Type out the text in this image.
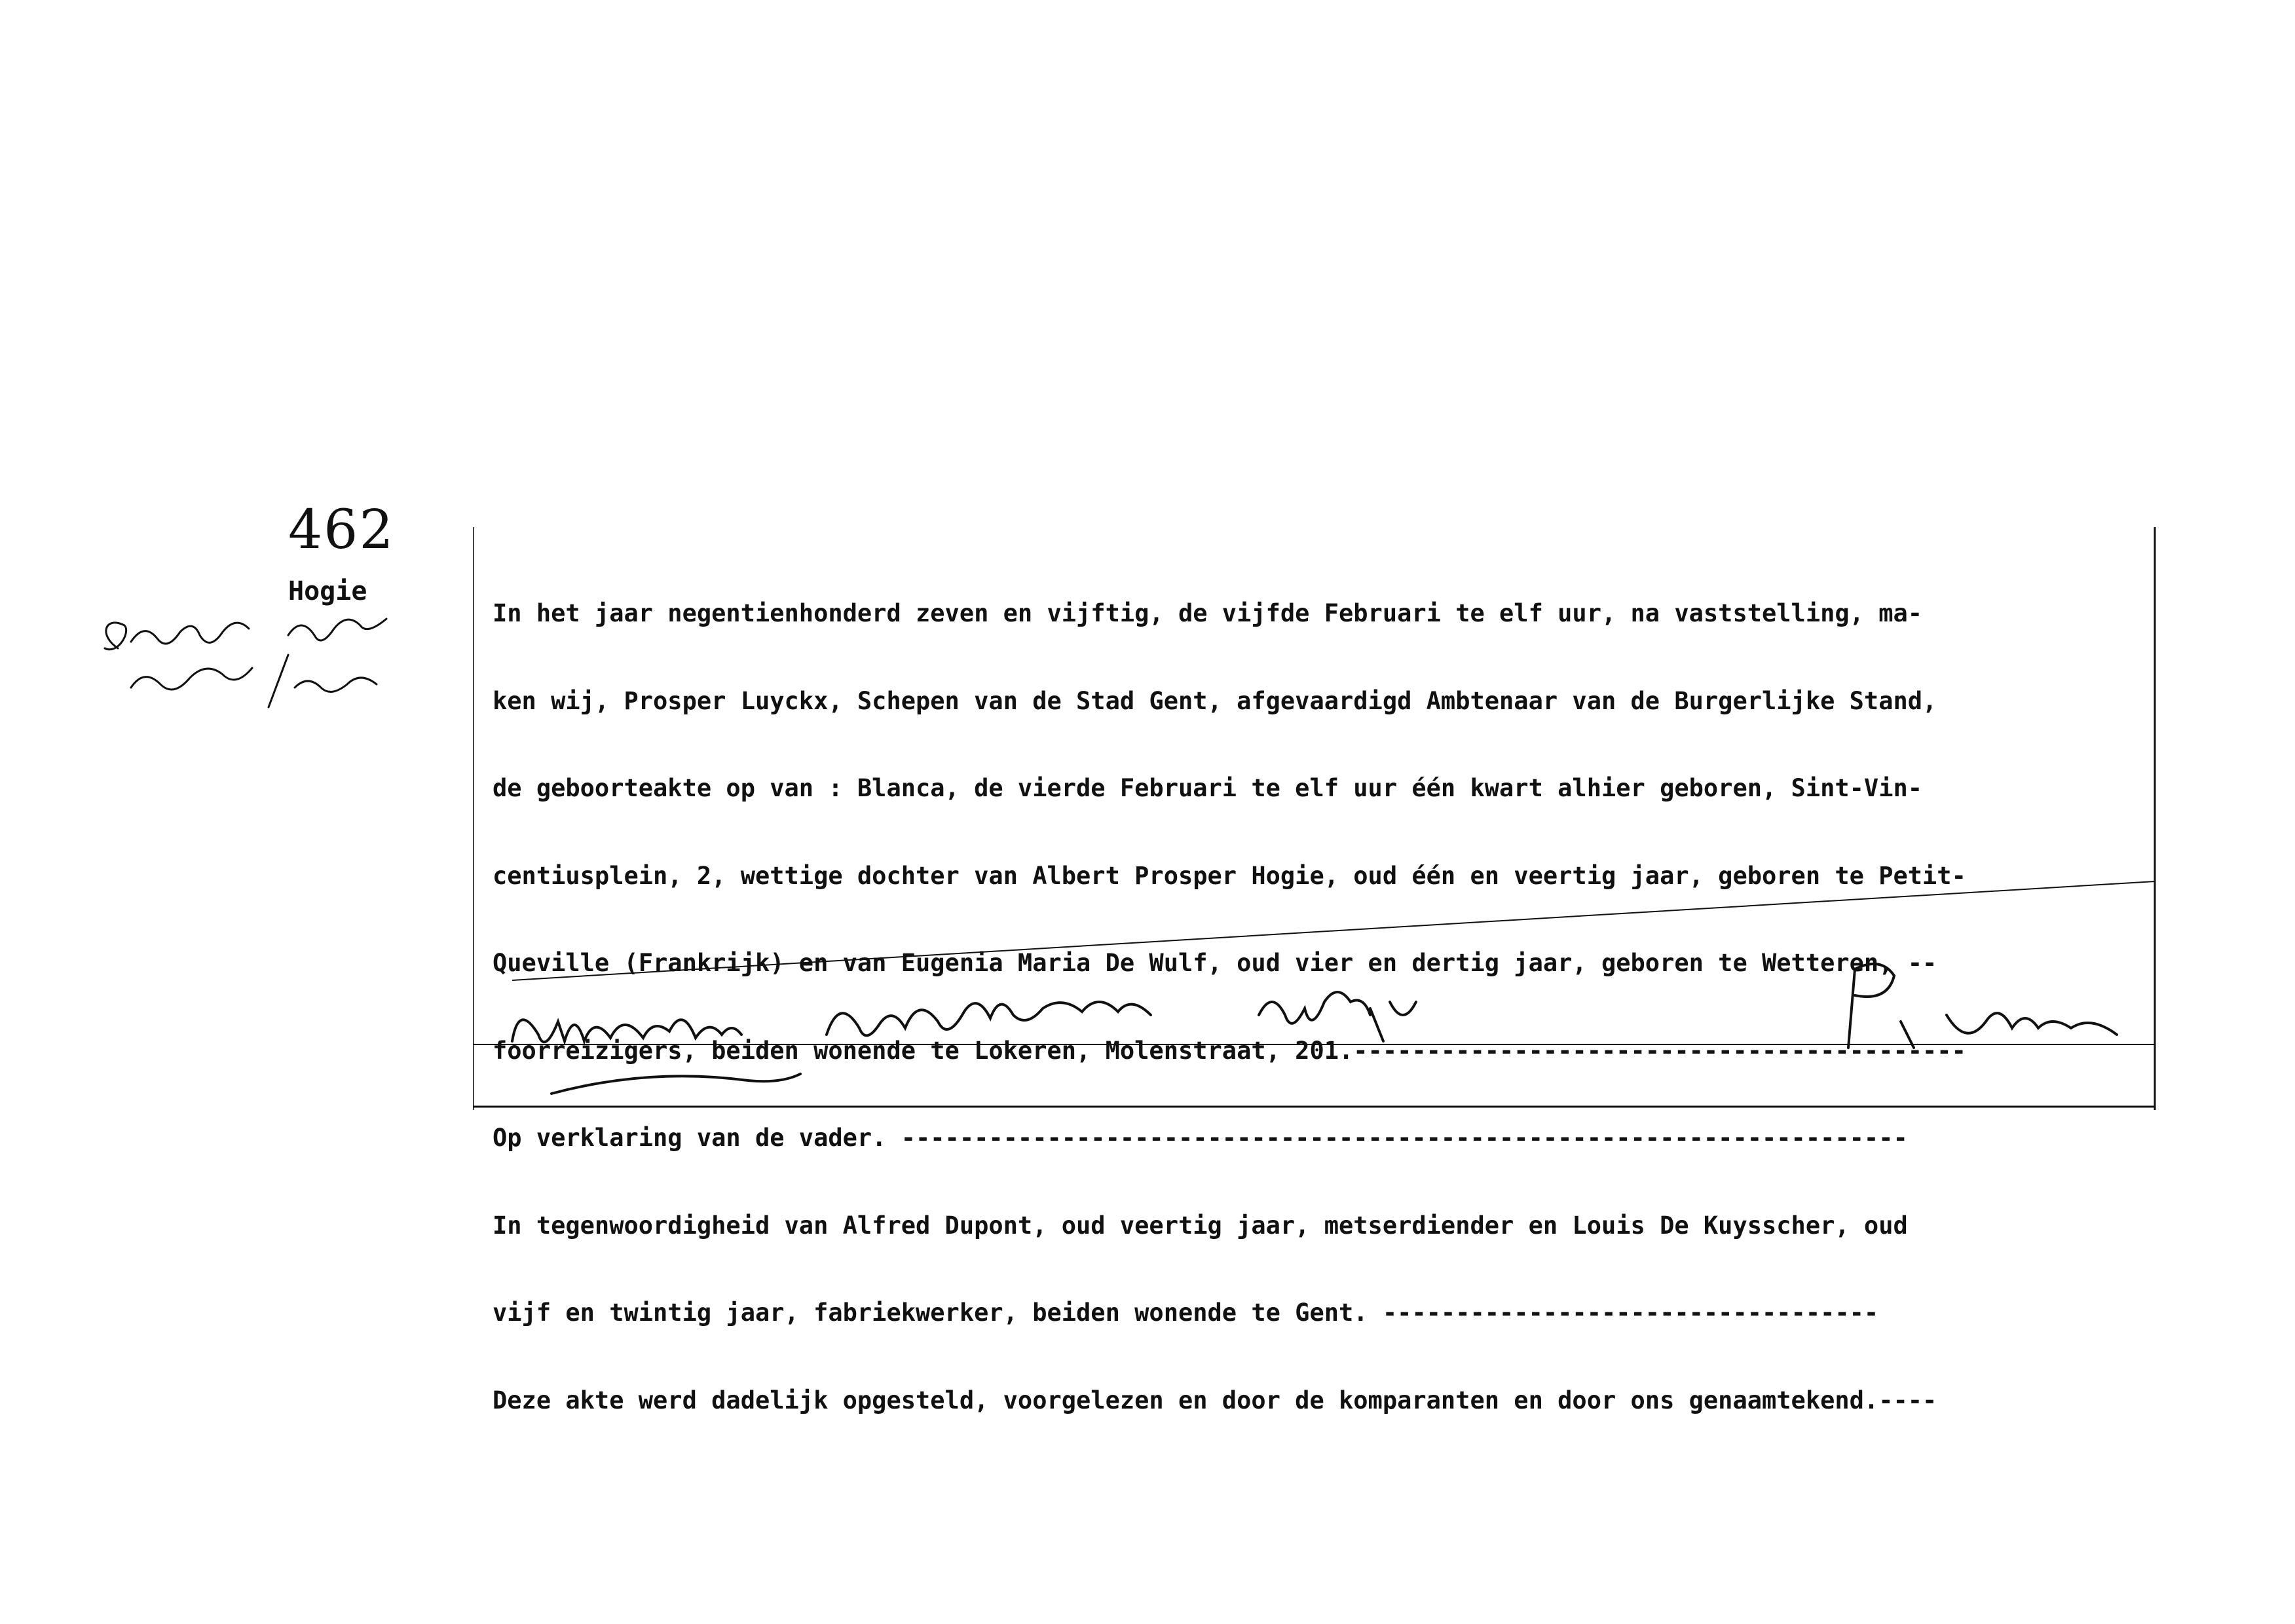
462
Hogie

In het jaar negentienhonderd zeven en vijftig, de vijfde Februari te elf uur, na vaststelling, ma-

ken wij, Prosper Luyckx, Schepen van de Stad Gent, afgevaardigd Ambtenaar van de Burgerlijke Stand,

de geboorteakte op van : Blanca, de vierde Februari te elf uur één kwart alhier geboren, Sint-Vin-

centiusplein, 2, wettige dochter van Albert Prosper Hogie, oud één en veertig jaar, geboren te Petit-

Queville (Frankrijk) en van Eugenia Maria De Wulf, oud vier en dertig jaar, geboren te Wetteren, --

foorreizigers, beiden wonende te Lokeren, Molenstraat, 201.------------------------------------------

Op verklaring van de vader. ---------------------------------------------------------------------

In tegenwoordigheid van Alfred Dupont, oud veertig jaar, metserdiender en Louis De Kuysscher, oud

vijf en twintig jaar, fabriekwerker, beiden wonende te Gent. ----------------------------------

Deze akte werd dadelijk opgesteld, voorgelezen en door de komparanten en door ons genaamtekend.----
